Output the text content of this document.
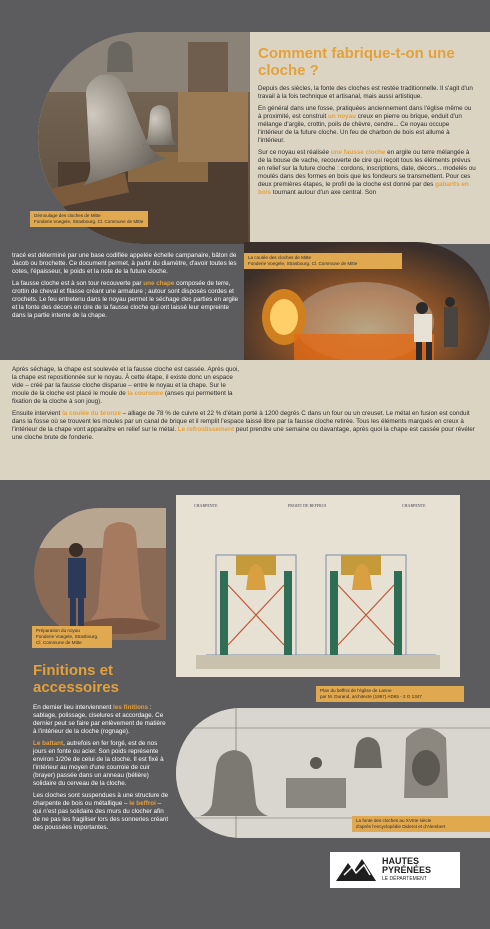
Démoulage des cloches de Mitte
Fonderie Voegele, Strasbourg. Cl. Commune de Mitte
Comment fabrique-t-on une cloche ?

Depuis des siècles, la fonte des cloches est restée traditionnelle. Il s'agit d'un travail à la fois technique et artisanal, mais aussi artistique.

En général dans une fosse, pratiquées anciennement dans l'église même ou à proximité, est construit un noyau creux en pierre ou brique, enduit d'un mélange d'argile, crottin, poils de chèvre, cendre... Ce noyau occupe l'intérieur de la future cloche. Un feu de charbon de bois est allumé à l'intérieur.

Sur ce noyau est réalisée une fausse cloche en argile ou terre mélangée à de la bouse de vache, recouverte de cire qui reçoit tous les éléments prévus en relief sur la future cloche : cordons, inscriptions, date, décors... modelés ou moulés dans des formes en bois que les fondeurs se transmettent. Pour ces deux premières étapes, le profil de la cloche est donné par des gabarits en bois tournant autour d'un axe central. Son

tracé est déterminé par une base codifiée appelée échelle campanaire, bâton de Jacob ou brochette. Ce document permet, à partir du diamètre, d'avoir toutes les cotes, l'épaisseur, le poids et la note de la future cloche.

La fausse cloche est à son tour recouverte par une chape composée de terre, crottin de cheval et filasse créant une armature ; autour sont disposés cordes et crochets. Le feu entretenu dans le noyau permet le séchage des parties en argile et la fonte des décors en cire de la fausse cloche qui ont laissé leur empreinte dans la partie interne de la chape.

La coulée des cloches de Mitte
Fonderie Voegele, Strasbourg. Cl. Commune de Mitte

Après séchage, la chape est soulevée et la fausse cloche est cassée. Après quoi, la chape est repositionnée sur le noyau. À cette étape, il existe donc un espace vide – créé par la fausse cloche disparue – entre le noyau et la chape. Sur le moule de la cloche est placé le moule de la couronne (anses qui permettent la fixation de la cloche à son joug).

Ensuite intervient la coulée du bronze – alliage de 78 % de cuivre et 22 % d'étain porté à 1200 degrés C dans un four ou un creuset. Le métal en fusion est conduit dans la fosse où se trouvent les moules par un canal de brique et il remplit l'espace laissé libre par la fausse cloche retirée. Tous les éléments marqués en creux à l'intérieur de la chape vont apparaître en relief sur le métal. Le refroidissement peut prendre une semaine ou davantage, après quoi la chape est cassée pour révéler une cloche brute de fonderie.

Préparation du noyau
Fonderie Voegele, Strasbourg.
Cl. Commune de Mitte
Finitions et accessoires

En dernier lieu interviennent les finitions : sablage, polissage, ciselures et accordage. Ce dernier peut se faire par enlèvement de matière à l'intérieur de la cloche (rognage).

Le battant, autrefois en fer forgé, est de nos jours en fonte ou acier. Son poids représente environ 1/20e de celui de la cloche. Il est fixé à l'intérieur au moyen d'une courroie de cuir (brayer) passée dans un anneau (bélière) solidaire du cerveau de la cloche.

Les cloches sont suspendues à une structure de charpente de bois ou métallique – le beffroi – qui n'est pas solidaire des murs du clocher afin de ne pas les fragiliser lors des sonneries créant des poussées importantes.

CHARPENTE	PROJET DE BEFFROI	CHARPENTE
Plan du beffroi de l'église de Lanne
par M. Durand, architecte (1867) AD65 - 2 O 1347
La fonte des cloches au XVIIIe siècle
d'après l'encyclopédie Diderot et d'Alembert
HAUTES
PYRÉNÉES
LE DÉPARTEMENT
